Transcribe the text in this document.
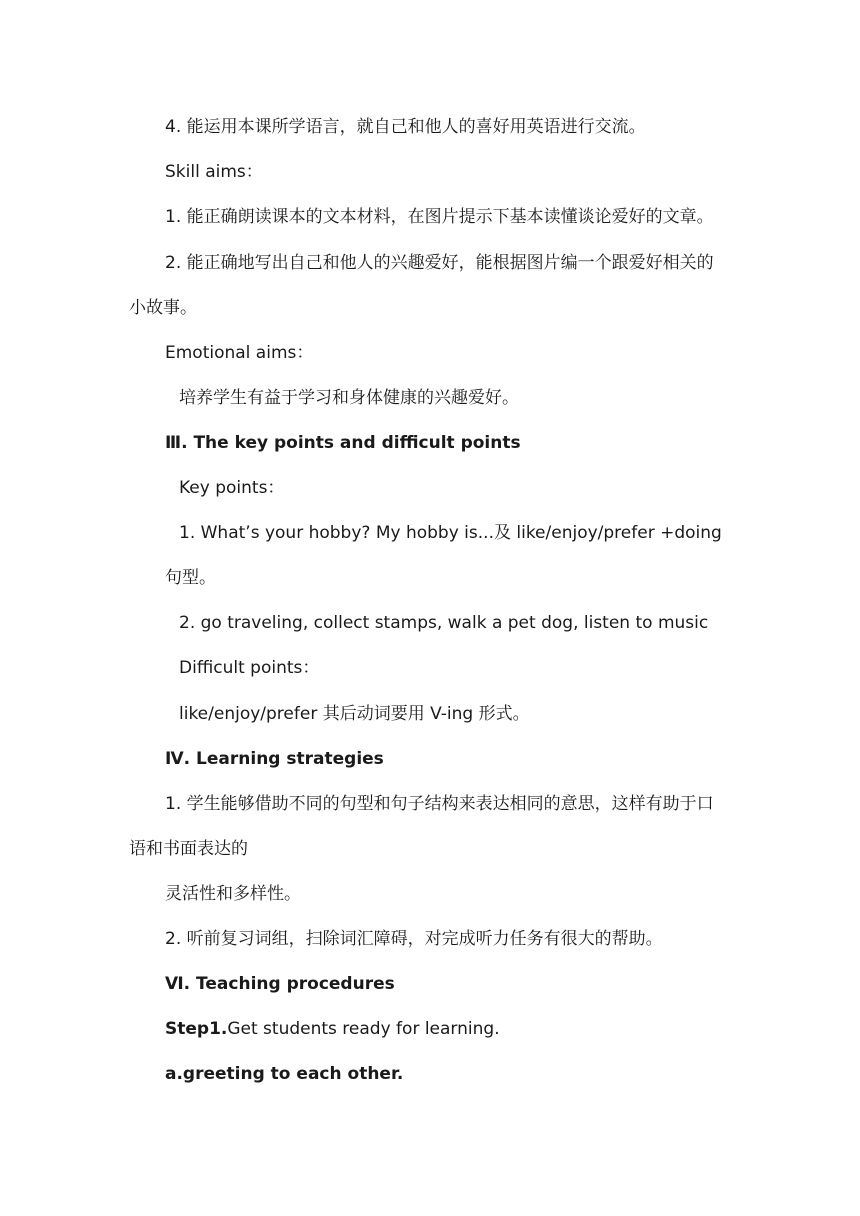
4. 能运用本课所学语言，就自己和他人的喜好用英语进行交流。
Skill aims：
1. 能正确朗读课本的文本材料，在图片提示下基本读懂谈论爱好的文章。
2. 能正确地写出自己和他人的兴趣爱好，能根据图片编一个跟爱好相关的
小故事。
Emotional aims：
培养学生有益于学习和身体健康的兴趣爱好。
Ⅲ. The key points and difficult points
Key points：
1. What’s your hobby? My hobby is...及 like/enjoy/prefer +doing
句型。
2. go traveling, collect stamps, walk a pet dog, listen to music
Difficult points：
like/enjoy/prefer 其后动词要用 V-ing 形式。
Ⅳ. Learning strategies
1. 学生能够借助不同的句型和句子结构来表达相同的意思，这样有助于口
语和书面表达的
灵活性和多样性。
2. 听前复习词组，扫除词汇障碍，对完成听力任务有很大的帮助。
Ⅵ. Teaching procedures
Step1.Get students ready for learning.
a.greeting to each other.
